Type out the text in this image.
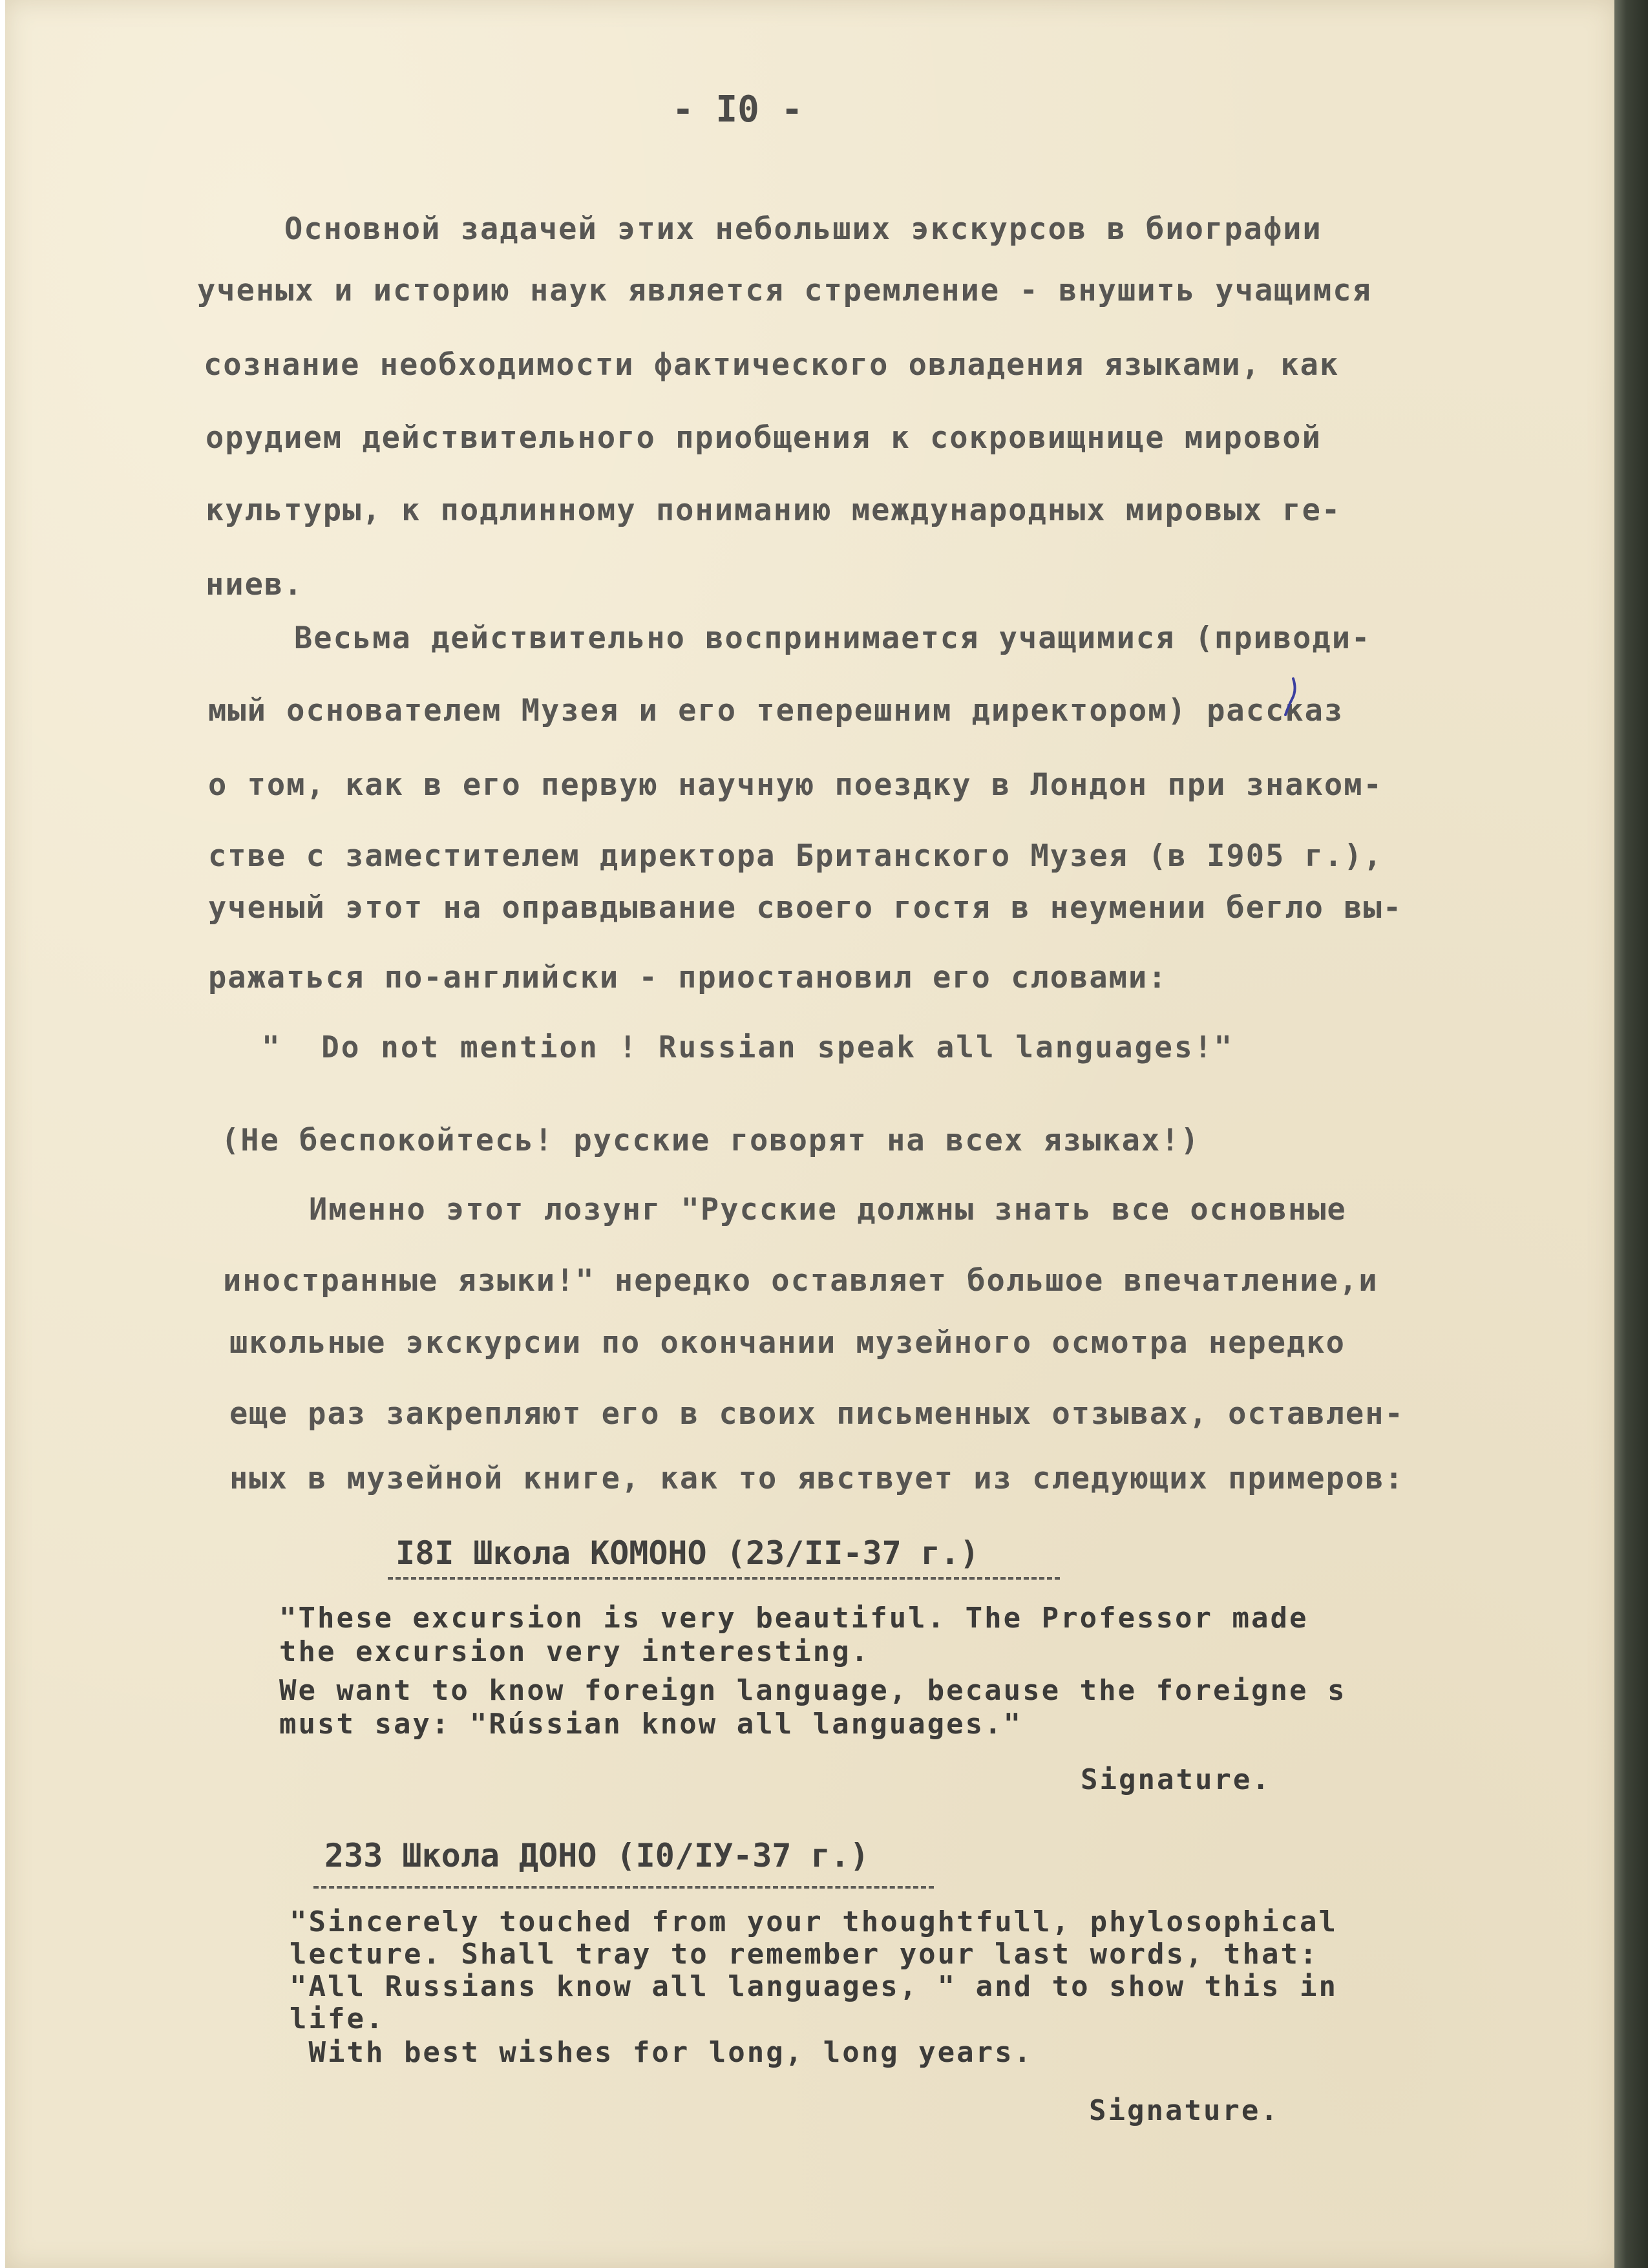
- I0 -
Основной задачей этих небольших экскурсов в биографии
ученых и историю наук является стремление - внушить учащимся
сознание необходимости фактического овладения языками, как
орудием действительного приобщения к сокровищнице мировой
культуры, к подлинному пониманию международных мировых ге-
ниев.
Весьма действительно воспринимается учащимися (приводи-
мый основателем Музея и его теперешним директором) рассказ
о том, как в его первую научную поездку в Лондон при знаком-
стве с заместителем директора Британского Музея (в I905 г.),
ученый этот на оправдывание своего гостя в неумении бегло вы-
ражаться по-английски - приостановил его словами:
"  Do not mention ! Russian speak all languages!"
(Не беспокойтесь! русские говорят на всех языках!)
Именно этот лозунг "Русские должны знать все основные
иностранные языки!" нередко оставляет большое впечатление,и
школьные экскурсии по окончании музейного осмотра нередко
еще раз закрепляют его в своих письменных отзывах, оставлен-
ных в музейной книге, как то явствует из следующих примеров:
I8I Школа КОМОНО (23/II-37 г.)
"These excursion is very beautiful. The Professor made
the excursion very interesting.
We want to know foreign language, because the foreigne s
must say: "Rússian know all languages."
Signature.
233 Школа ДОНО (I0/IУ-37 г.)
"Sincerely touched from your thoughtfull, phylosophical
lecture. Shall tray to remember your last words, that:
"All Russians know all languages, " and to show this in
life.
With best wishes for long, long years.
Signature.
